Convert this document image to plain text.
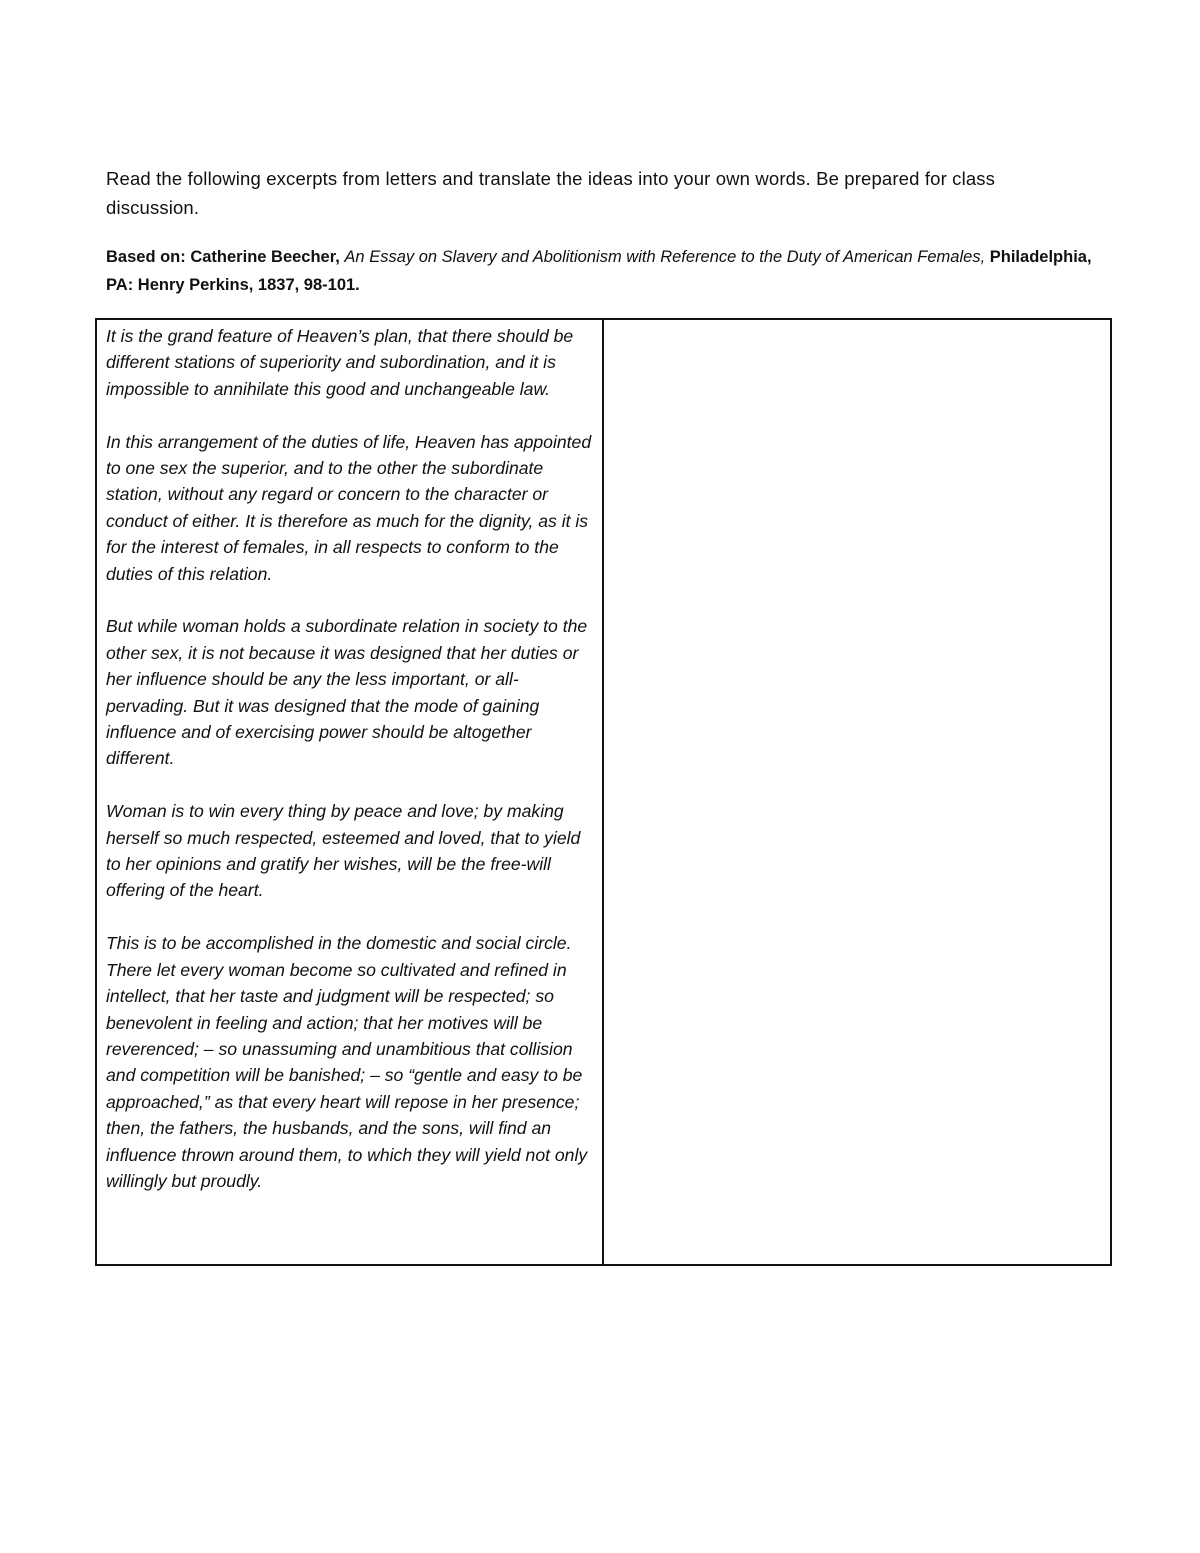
Read the following excerpts from letters and translate the ideas into your own words. Be prepared for class discussion.

Based on: Catherine Beecher, An Essay on Slavery and Abolitionism with Reference to the Duty of American Females, Philadelphia, PA: Henry Perkins, 1837, 98-101.

It is the grand feature of Heaven’s plan, that there should be different stations of superiority and subordination, and it is impossible to annihilate this good and unchangeable law.

In this arrangement of the duties of life, Heaven has appointed to one sex the superior, and to the other the subordinate station, without any regard or concern to the character or conduct of either. It is therefore as much for the dignity, as it is for the interest of females, in all respects to conform to the duties of this relation.

But while woman holds a subordinate relation in society to the other sex, it is not because it was designed that her duties or her influence should be any the less important, or all-pervading. But it was designed that the mode of gaining influence and of exercising power should be altogether different.

Woman is to win every thing by peace and love; by making herself so much respected, esteemed and loved, that to yield to her opinions and gratify her wishes, will be the free-will offering of the heart.

This is to be accomplished in the domestic and social circle. There let every woman become so cultivated and refined in intellect, that her taste and judgment will be respected; so benevolent in feeling and action; that her motives will be reverenced; – so unassuming and unambitious that collision and competition will be banished; – so “gentle and easy to be approached,” as that every heart will repose in her presence; then, the fathers, the husbands, and the sons, will find an influence thrown around them, to which they will yield not only willingly but proudly.
